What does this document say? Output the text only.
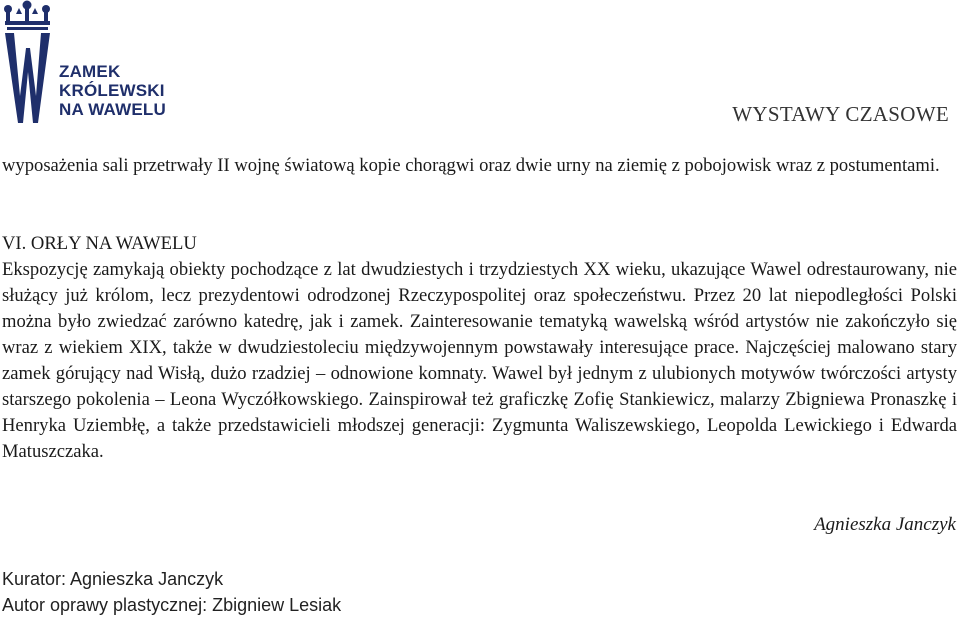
ZAMEK
KRÓLEWSKI
NA WAWELU	WYSTAWY CZASOWE
wyposażenia sali przetrwały II wojnę światową kopie chorągwi oraz dwie urny na ziemię z pobojowisk wraz z postumentami.
VI. ORŁY NA WAWELU
Ekspozycję zamykają obiekty pochodzące z lat dwudziestych i trzydziestych XX wieku, ukazujące Wawel odrestaurowany, nie służący już królom, lecz prezydentowi odrodzonej Rzeczypospolitej oraz społeczeństwu. Przez 20 lat niepodległości Polski można było zwiedzać zarówno katedrę, jak i zamek. Zainteresowanie tematyką wawelską wśród artystów nie zakończyło się wraz z wiekiem XIX, także w dwudziestoleciu międzywojennym powstawały interesujące prace. Najczęściej malowano stary zamek górujący nad Wisłą, dużo rzadziej – odnowione komnaty. Wawel był jednym z ulubionych motywów twórczości artysty starszego pokolenia – Leona Wyczółkowskiego. Zainspirował też graficzkę Zofię Stankiewicz, malarzy Zbigniewa Pronaszkę i Henryka Uziembłę, a także przedstawicieli młodszej generacji: Zygmunta Waliszewskiego, Leopolda Lewickiego i Edwarda Matuszczaka.
Agnieszka Janczyk
Kurator: Agnieszka Janczyk
Autor oprawy plastycznej: Zbigniew Lesiak
